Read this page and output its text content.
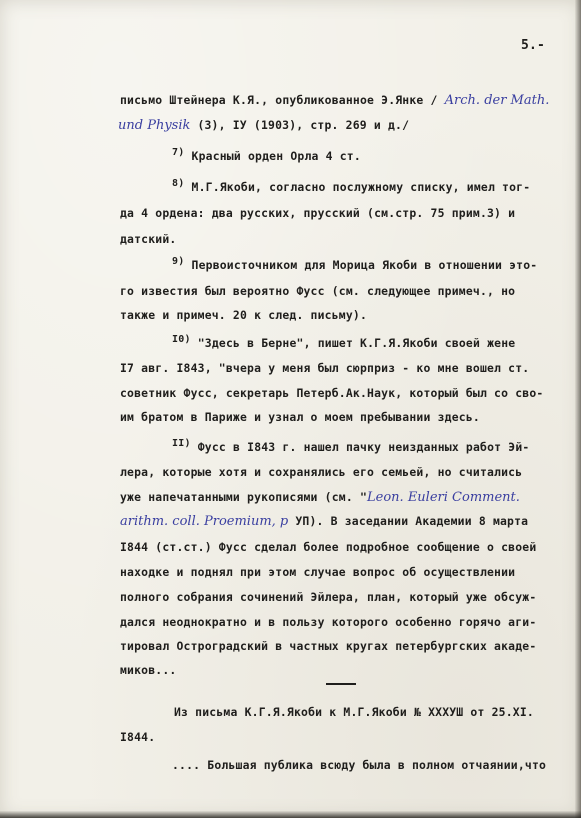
5.-
письмо Штейнера К.Я., опубликованное Э.Янке / Arch. der Math.
und Physik (3), IУ (1903), стр. 269 и д./
7) Красный орден Орла 4 ст.
8) М.Г.Якоби, согласно послужному списку, имел тог-
да 4 ордена: два русских, прусский (см.стр. 75 прим.3) и
датский.
9) Первоисточником для Морица Якоби в отношении это-
го известия был вероятно Фусс (см. следующее примеч., но
также и примеч. 20 к след. письму).
I0) "Здесь в Берне", пишет К.Г.Я.Якоби своей жене
I7 авг. I843, "вчера у меня был сюрприз - ко мне вошел ст.
советник Фусс, секретарь Петерб.Ак.Наук, который был со сво-
им братом в Париже и узнал о моем пребывании здесь.
II) Фусс в I843 г. нашел пачку неизданных работ Эй-
лера, которые хотя и сохранялись его семьей, но считались
уже напечатанными рукописями (см. "Leon. Euleri Comment.
arithm. coll. Proemium, p УП). В заседании Академии 8 марта
I844 (ст.ст.) Фусс сделал более подробное сообщение о своей
находке и поднял при этом случае вопрос об осуществлении
полного собрания сочинений Эйлера, план, который уже обсуж-
дался неоднократно и в пользу которого особенно горячо аги-
тировал Остроградский в частных кругах петербургских акаде-
миков...
Из письма К.Г.Я.Якоби к М.Г.Якоби № XXXУШ от 25.XI.
I844.
.... Большая публика всюду была в полном отчаянии,что
